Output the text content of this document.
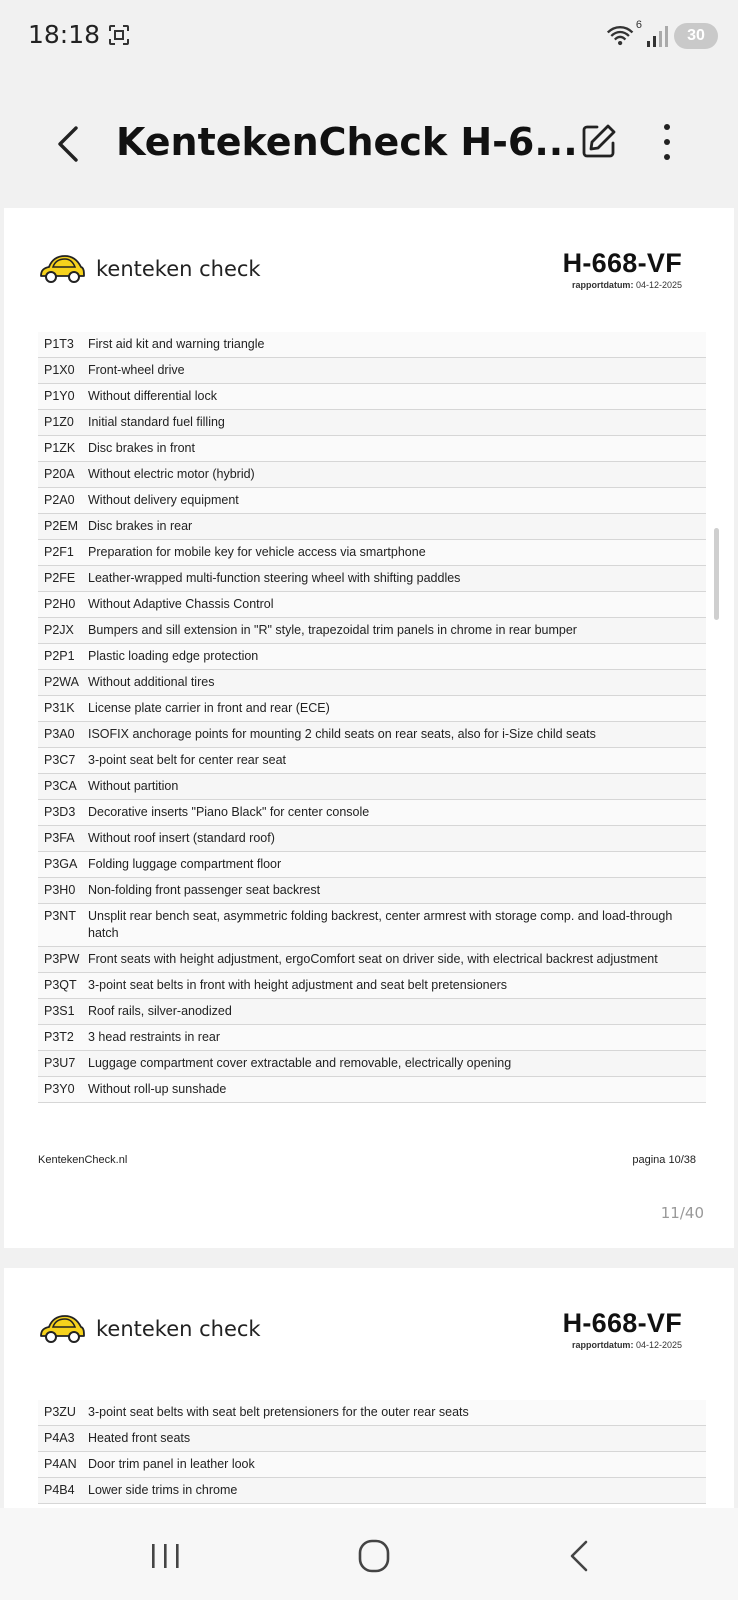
18:18	6
30
KentekenCheck H-6...
kenteken check	H-668-VF
rapportdatum: 04-12-2025
P1T3	First aid kit and warning triangle
P1X0	Front-wheel drive
P1Y0	Without differential lock
P1Z0	Initial standard fuel filling
P1ZK	Disc brakes in front
P20A	Without electric motor (hybrid)
P2A0	Without delivery equipment
P2EM Disc brakes in rear
P2F1	Preparation for mobile key for vehicle access via smartphone
P2FE	Leather-wrapped multi-function steering wheel with shifting paddles
P2H0	Without Adaptive Chassis Control
P2JX	Bumpers and sill extension in "R" style, trapezoidal trim panels in chrome in rear bumper
P2P1	Plastic loading edge protection
P2WA Without additional tires
P31K	License plate carrier in front and rear (ECE)
P3A0	ISOFIX anchorage points for mounting 2 child seats on rear seats, also for i-Size child seats
P3C7	3-point seat belt for center rear seat
P3CA Without partition
P3D3	Decorative inserts "Piano Black" for center console
P3FA	Without roof insert (standard roof)
P3GA Folding luggage compartment floor
P3H0	Non-folding front passenger seat backrest
P3NT Unsplit rear bench seat, asymmetric folding backrest, center armrest with storage comp. and load-through hatch
P3PW Front seats with height adjustment, ergoComfort seat on driver side, with electrical backrest adjustment
P3QT 3-point seat belts in front with height adjustment and seat belt pretensioners
P3S1	Roof rails, silver-anodized
P3T2	3 head restraints in rear
P3U7	Luggage compartment cover extractable and removable, electrically opening
P3Y0	Without roll-up sunshade
KentekenCheck.nl	pagina 10/38
11/40
kenteken check	H-668-VF
rapportdatum: 04-12-2025
P3ZU 3-point seat belts with seat belt pretensioners for the outer rear seats
P4A3	Heated front seats
P4AN Door trim panel in leather look
P4B4	Lower side trims in chrome
